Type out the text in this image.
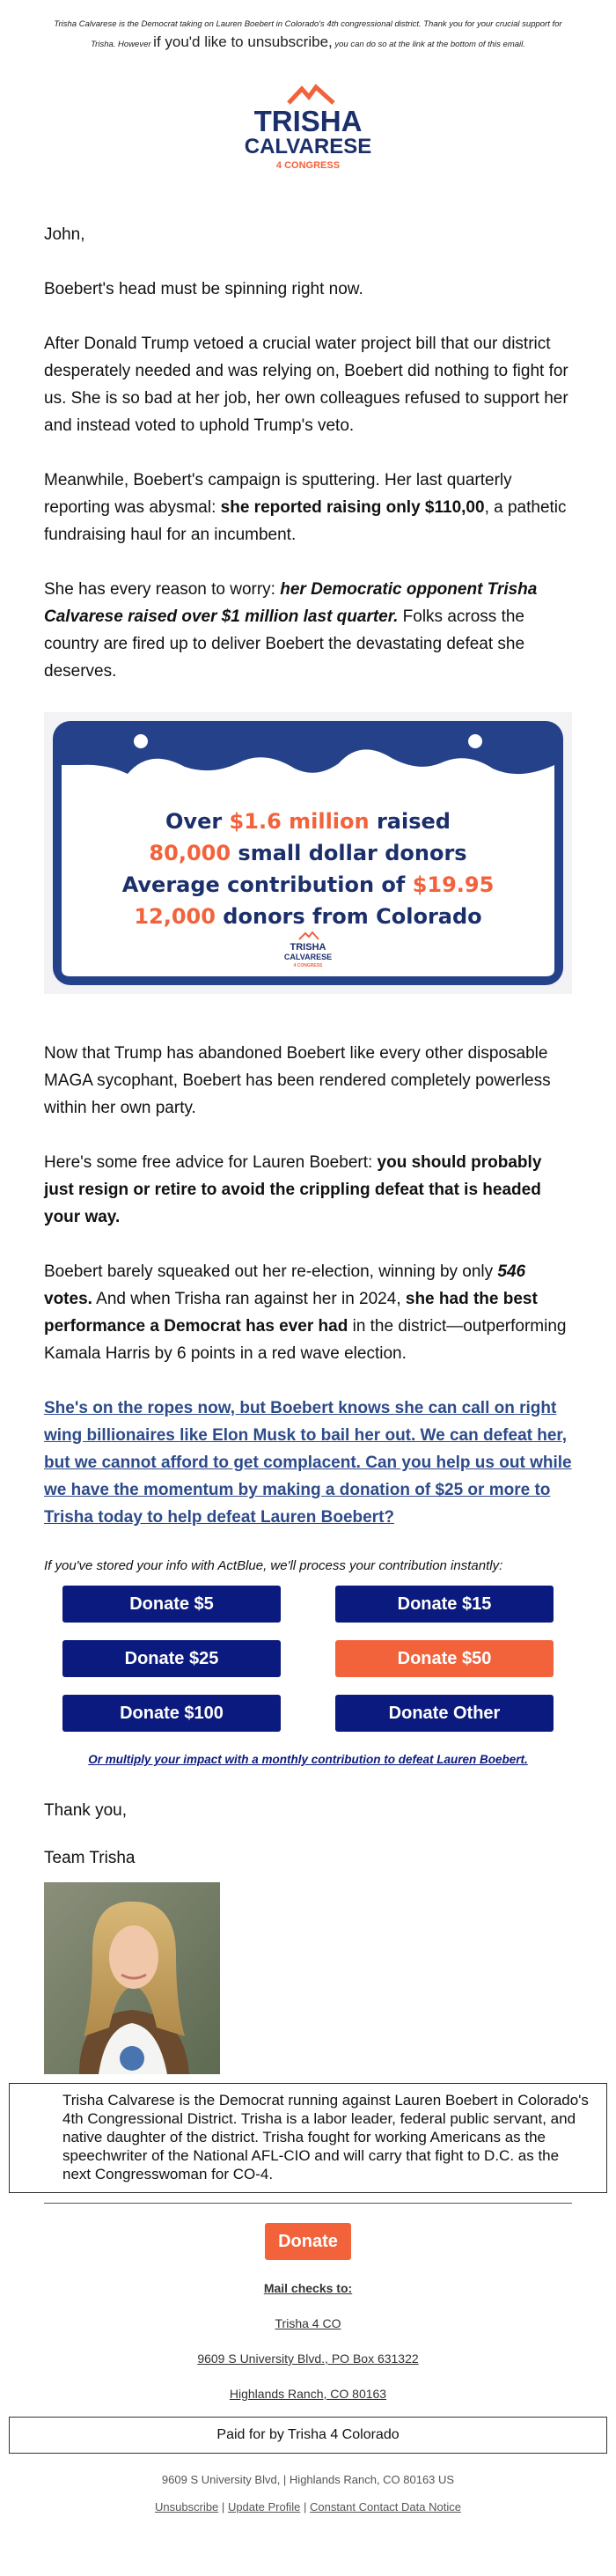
Trisha Calvarese is the Democrat taking on Lauren Boebert in Colorado's 4th congressional district. Thank you for your crucial support for Trisha. However if you'd like to unsubscribe, you can do so at the link at the bottom of this email.
TRISHA
CALVARESE
4 CONGRESS

John,

Boebert's head must be spinning right now.

After Donald Trump vetoed a crucial water project bill that our district desperately needed and was relying on, Boebert did nothing to fight for us. She is so bad at her job, her own colleagues refused to support her and instead voted to uphold Trump's veto.

Meanwhile, Boebert's campaign is sputtering. Her last quarterly reporting was abysmal: she reported raising only $110,00, a pathetic fundraising haul for an incumbent.

She has every reason to worry: her Democratic opponent Trisha Calvarese raised over $1 million last quarter. Folks across the country are fired up to deliver Boebert the devastating defeat she deserves.

Over $1.6 million raised
80,000 small dollar donors
Average contribution of $19.95
12,000 donors from Colorado
TRISHA
CALVARESE
4 CONGRESS

Now that Trump has abandoned Boebert like every other disposable MAGA sycophant, Boebert has been rendered completely powerless within her own party.

Here's some free advice for Lauren Boebert: you should probably just resign or retire to avoid the crippling defeat that is headed your way.

Boebert barely squeaked out her re-election, winning by only 546 votes. And when Trisha ran against her in 2024, she had the best performance a Democrat has ever had in the district—outperforming Kamala Harris by 6 points in a red wave election.

She's on the ropes now, but Boebert knows she can call on right wing billionaires like Elon Musk to bail her out. We can defeat her, but we cannot afford to get complacent. Can you help us out while we have the momentum by making a donation of $25 or more to Trisha today to help defeat Lauren Boebert?

If you've stored your info with ActBlue, we'll process your contribution instantly:

Donate $5	Donate $15
Donate $25	Donate $50
Donate $100	Donate Other
Or multiply your impact with a monthly contribution to defeat Lauren Boebert.
Thank you,
Team Trisha
Trisha Calvarese is the Democrat running against Lauren Boebert in Colorado's 4th Congressional District. Trisha is a labor leader, federal public servant, and native daughter of the district. Trisha fought for working Americans as the speechwriter of the National AFL-CIO and will carry that fight to D.C. as the next Congresswoman for CO-4.
Donate
Mail checks to:
Trisha 4 CO
9609 S University Blvd., PO Box 631322
Highlands Ranch, CO 80163
Paid for by Trisha 4 Colorado
9609 S University Blvd, | Highlands Ranch, CO 80163 US
Unsubscribe | Update Profile | Constant Contact Data Notice
